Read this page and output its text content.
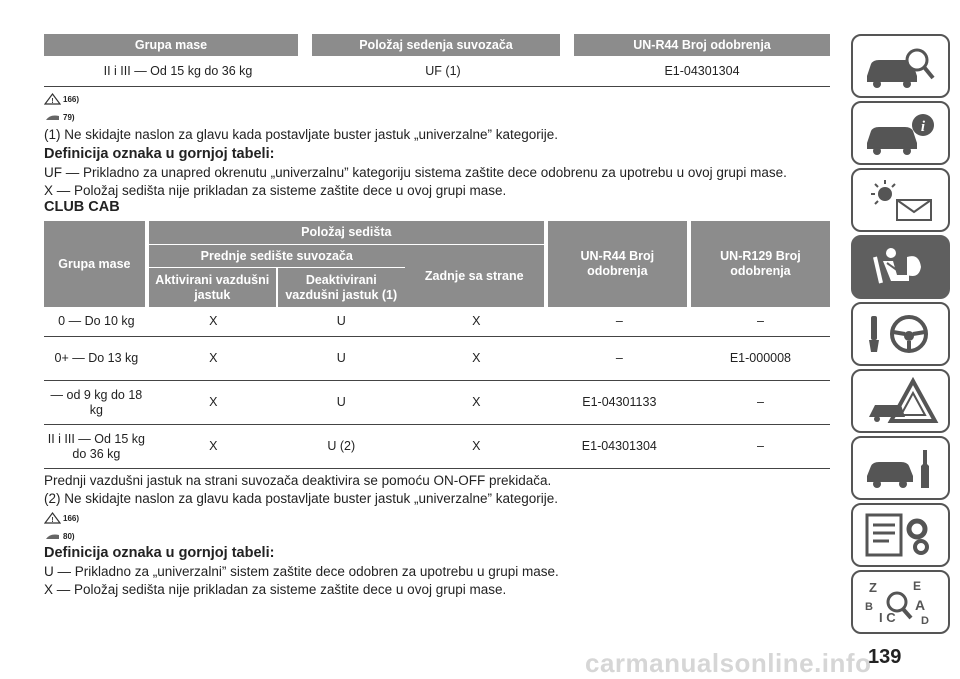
Grupa mase		Položaj sedenja suvozača		UN-R44 Broj odobrenja
II i III — Od 15 kg do 36 kg		UF (1)		E1-04301304
! 166)
79)
(1) Ne skidajte naslon za glavu kada postavljate buster jastuk „univerzalne” kategorije.
Definicija oznaka u gornjoj tabeli:
UF — Prikladno za unapred okrenutu „univerzalnu” kategoriju sistema zaštite dece odobrenu za upotrebu u ovoj grupi mase.
X — Položaj sedišta nije prikladan za sisteme zaštite dece u ovoj grupi mase.
CLUB CAB
Grupa mase		Položaj sedišta				UN-R44 Broj odobrenja		UN-R129 Broj odobrenja
		Prednje sedište suvozača		Zadnje sa strane				
		Aktivirani vazdušni jastuk	Deaktivirani vazdušni jastuk (1)					
0 — Do 10 kg		X	U	X		–		–
0+ — Do 13 kg		X	U	X		–		E1-000008
— od 9 kg do 18 kg		X	U	X		E1-04301133		–
II i III — Od 15 kg do 36 kg		X	U (2)	X		E1-04301304		–
Prednji vazdušni jastuk na strani suvozača deaktivira se pomoću ON-OFF prekidača.
(2) Ne skidajte naslon za glavu kada postavljate buster jastuk „univerzalne” kategorije.
! 166)
80)
Definicija oznaka u gornjoj tabeli:
U — Prikladno za „univerzalni” sistem zaštite dece odobren za upotrebu u grupi mase.
X — Položaj sedišta nije prikladan za sisteme zaštite dece u ovoj grupi mase.
i
Z	E
B	A
I C D
carmanualsonline.info
139
